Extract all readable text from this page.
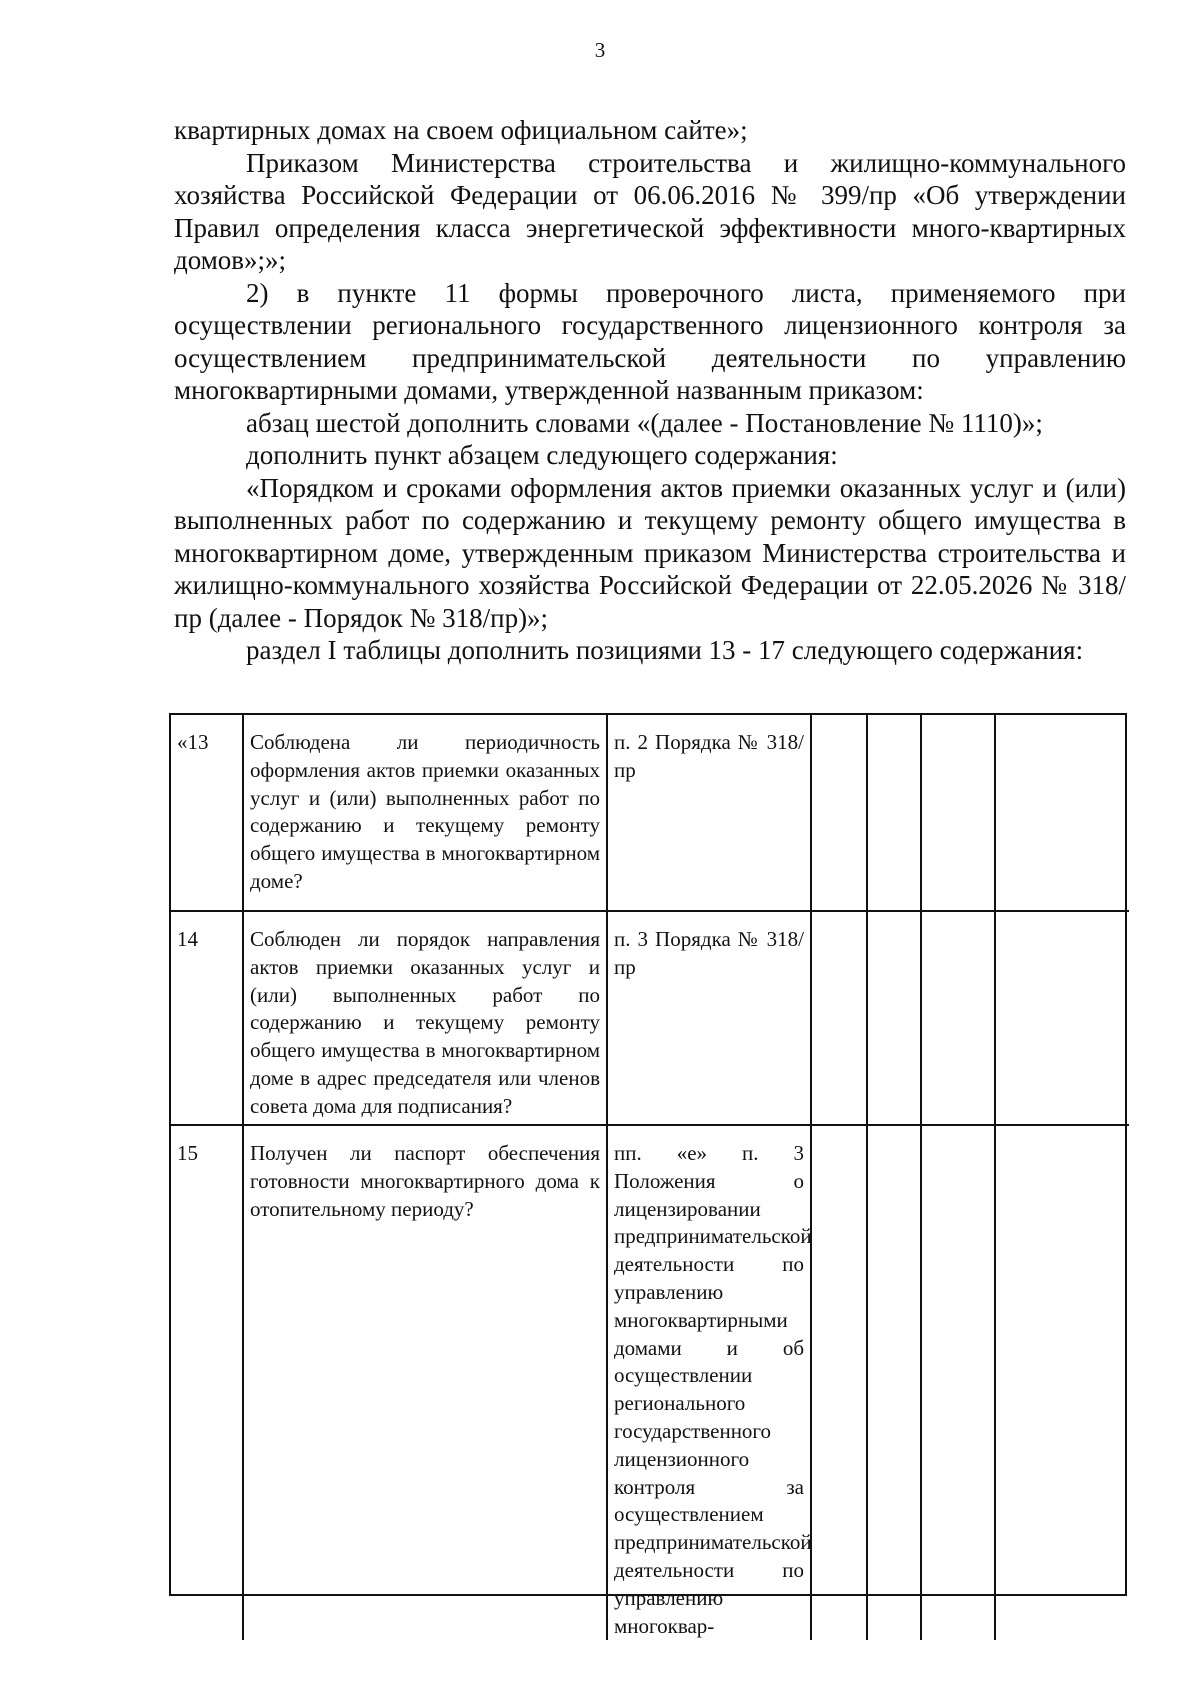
3

квартирных домах на своем официальном сайте»;

Приказом Министерства строительства и жилищно-коммунального хозяйства Российской Федерации от 06.06.2016 № 399/пр «Об утверждении Правил определения класса энергетической эффективности много-квартирных домов»;»;

2) в пункте 11 формы проверочного листа, применяемого при осуществлении регионального государственного лицензионного контроля за осуществлением предпринимательской деятельности по управлению многоквартирными домами, утвержденной названным приказом:

абзац шестой дополнить словами «(далее - Постановление № 1110)»;

дополнить пункт абзацем следующего содержания:

«Порядком и сроками оформления актов приемки оказанных услуг и (или) выполненных работ по содержанию и текущему ремонту общего имущества в многоквартирном доме, утвержденным приказом Министерства строительства и жилищно-коммунального хозяйства Российской Федерации от 22.05.2026 № 318/пр (далее - Порядок № 318/пр)»;

раздел I таблицы дополнить позициями 13 - 17 следующего содержания:

«13	Соблюдена ли периодичность оформления актов приемки оказанных услуг и (или) выполненных работ по содержанию и текущему ремонту общего имущества в многоквартирном доме?	п. 2 Порядка № 318/пр				
14	Соблюден ли порядок направления актов приемки оказанных услуг и (или) выполненных работ по содержанию и текущему ремонту общего имущества в многоквартирном доме в адрес председателя или членов совета дома для подписания?	п. 3 Порядка № 318/пр				
15	Получен ли паспорт обеспечения готовности многоквартирного дома к отопительному периоду?	пп. «е» п. 3 Положения о лицензировании предпринимательской деятельности по управлению многоквартирными домами и об осуществлении регионального государственного лицензионного контроля за осуществлением предпринимательской деятельности по управлению многоквар-				
